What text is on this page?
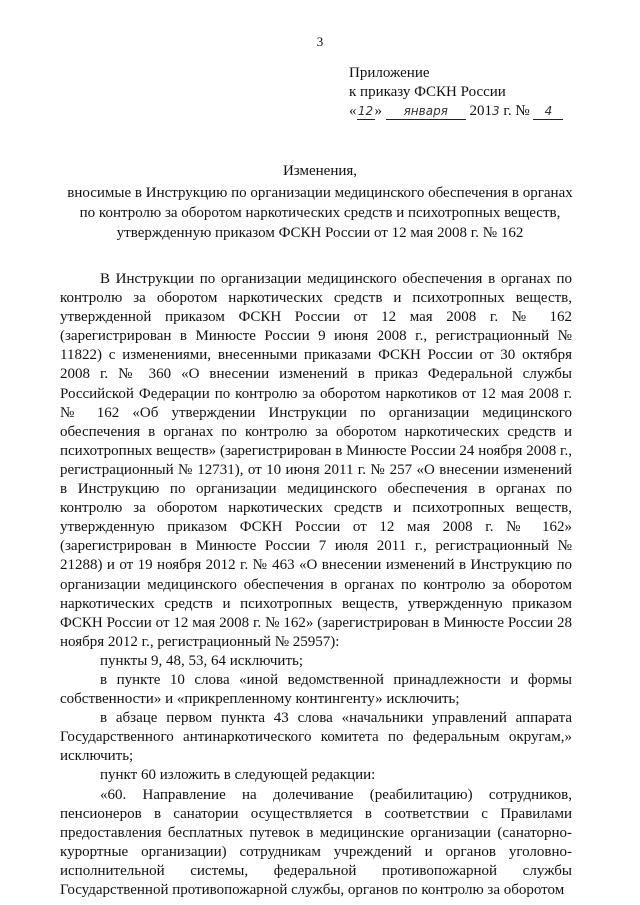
3
Приложение
к приказу ФСКН России
«12» января 2013 г. № 4
Изменения,
вносимые в Инструкцию по организации медицинского обеспечения в органах по контролю за оборотом наркотических средств и психотропных веществ, утвержденную приказом ФСКН России от 12 мая 2008 г. № 162

В Инструкции по организации медицинского обеспечения в органах по контролю за оборотом наркотических средств и психотропных веществ, утвержденной приказом ФСКН России от 12 мая 2008 г. № 162 (зарегистрирован в Минюсте России 9 июня 2008 г., регистрационный № 11822) с изменениями, внесенными приказами ФСКН России от 30 октября 2008 г. № 360 «О внесении изменений в приказ Федеральной службы Российской Федерации по контролю за оборотом наркотиков от 12 мая 2008 г. № 162 «Об утверждении Инструкции по организации медицинского обеспечения в органах по контролю за оборотом наркотических средств и психотропных веществ» (зарегистрирован в Минюсте России 24 ноября 2008 г., регистрационный № 12731), от 10 июня 2011 г. № 257 «О внесении изменений в Инструкцию по организации медицинского обеспечения в органах по контролю за оборотом наркотических средств и психотропных веществ, утвержденную приказом ФСКН России от 12 мая 2008 г. № 162» (зарегистрирован в Минюсте России 7 июля 2011 г., регистрационный № 21288) и от 19 ноября 2012 г. № 463 «О внесении изменений в Инструкцию по организации медицинского обеспечения в органах по контролю за оборотом наркотических средств и психотропных веществ, утвержденную приказом ФСКН России от 12 мая 2008 г. № 162» (зарегистрирован в Минюсте России 28 ноября 2012 г., регистрационный № 25957):

пункты 9, 48, 53, 64 исключить;

в пункте 10 слова «иной ведомственной принадлежности и формы собственности» и «прикрепленному контингенту» исключить;

в абзаце первом пункта 43 слова «начальники управлений аппарата Государственного антинаркотического комитета по федеральным округам,» исключить;

пункт 60 изложить в следующей редакции:

«60. Направление на долечивание (реабилитацию) сотрудников, пенсионеров в санатории осуществляется в соответствии с Правилами предоставления бесплатных путевок в медицинские организации (санаторно-курортные организации) сотрудникам учреждений и органов уголовно-исполнительной системы, федеральной противопожарной службы Государственной противопожарной службы, органов по контролю за оборотом
